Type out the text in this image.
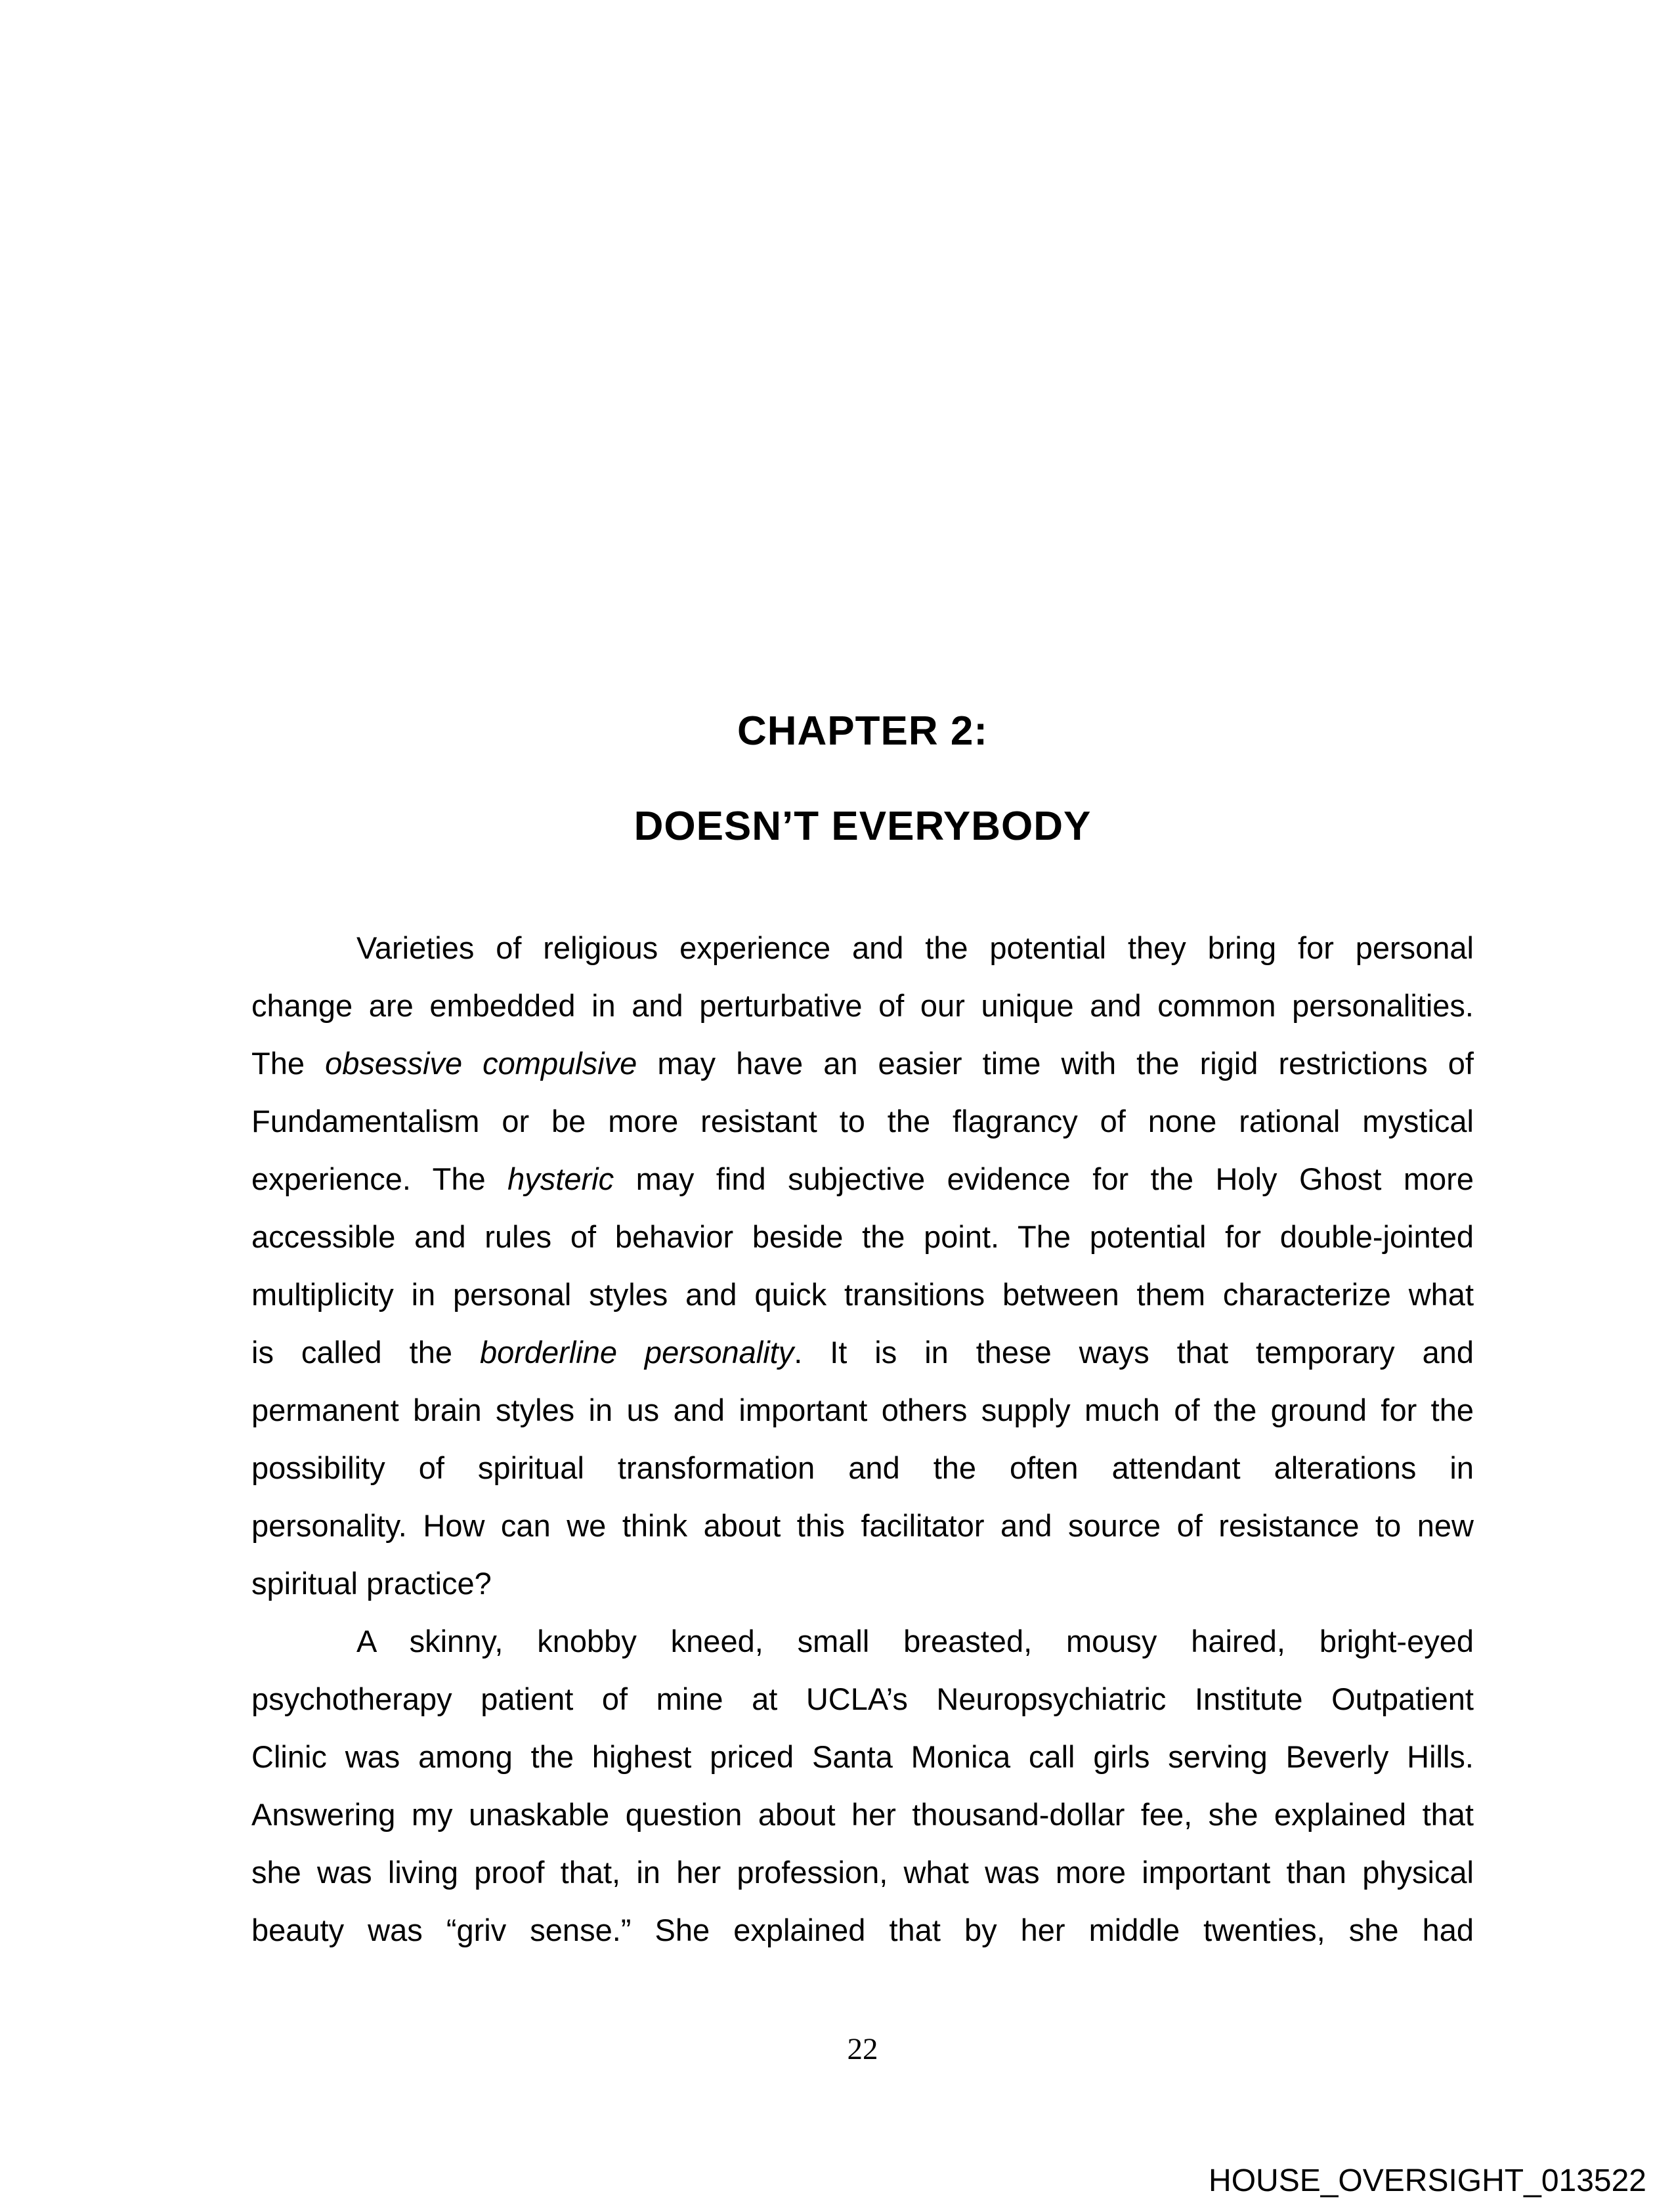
CHAPTER 2:
DOESN’T EVERYBODY
Varieties of religious experience and the potential they bring for personal
change are embedded in and perturbative of our unique and common personalities.
The obsessive compulsive may have an easier time with the rigid restrictions of
Fundamentalism or be more resistant to the flagrancy of none rational mystical
experience. The hysteric may find subjective evidence for the Holy Ghost more
accessible and rules of behavior beside the point. The potential for double-jointed
multiplicity in personal styles and quick transitions between them characterize what
is called the borderline personality. It is in these ways that temporary and
permanent brain styles in us and important others supply much of the ground for the
possibility of spiritual transformation and the often attendant alterations in
personality. How can we think about this facilitator and source of resistance to new
spiritual practice?
A skinny, knobby kneed, small breasted, mousy haired, bright-eyed
psychotherapy patient of mine at UCLA’s Neuropsychiatric Institute Outpatient
Clinic was among the highest priced Santa Monica call girls serving Beverly Hills.
Answering my unaskable question about her thousand-dollar fee, she explained that
she was living proof that, in her profession, what was more important than physical
beauty was “griv sense.” She explained that by her middle twenties, she had
22
HOUSE_OVERSIGHT_013522
